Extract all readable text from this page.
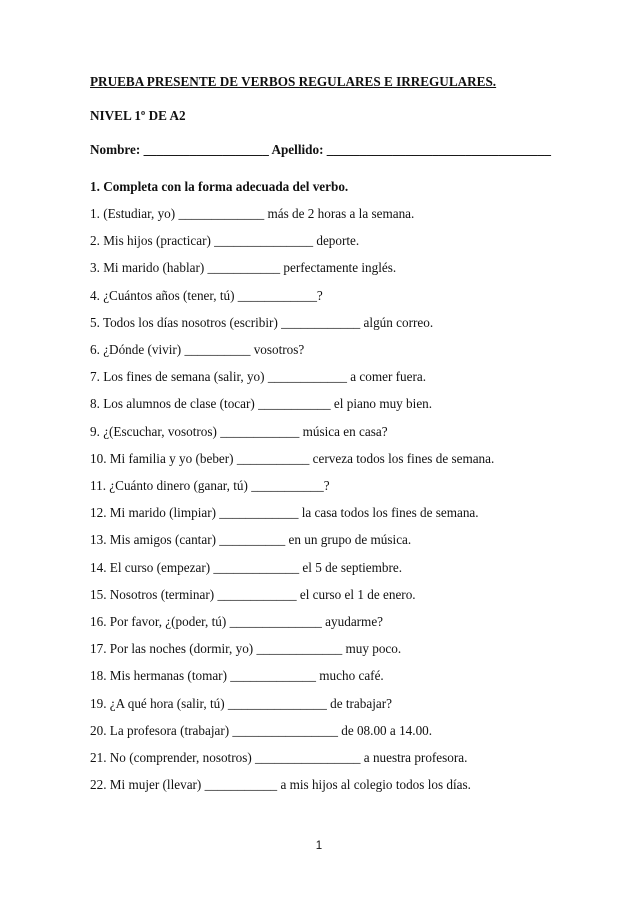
PRUEBA PRESENTE DE VERBOS REGULARES E IRREGULARES.
NIVEL 1º DE A2
Nombre: ___________________ Apellido: __________________________________
1. Completa con la forma adecuada del verbo.
1. (Estudiar, yo) _____________ más de 2 horas a la semana.
2. Mis hijos (practicar) _______________ deporte.
3. Mi marido (hablar) ___________ perfectamente inglés.
4. ¿Cuántos años (tener, tú) ____________?
5. Todos los días nosotros (escribir) ____________ algún correo.
6. ¿Dónde (vivir) __________ vosotros?
7. Los fines de semana (salir, yo) ____________ a comer fuera.
8. Los alumnos de clase (tocar) ___________ el piano muy bien.
9. ¿(Escuchar, vosotros) ____________ música en casa?
10. Mi familia y yo (beber) ___________ cerveza todos los fines de semana.
11. ¿Cuánto dinero (ganar, tú) ___________?
12. Mi marido (limpiar) ____________ la casa todos los fines de semana.
13. Mis amigos (cantar) __________ en un grupo de música.
14. El curso (empezar) _____________ el 5 de septiembre.
15. Nosotros (terminar) ____________ el curso el 1 de enero.
16. Por favor, ¿(poder, tú) ______________ ayudarme?
17. Por las noches (dormir, yo) _____________ muy poco.
18. Mis hermanas (tomar) _____________ mucho café.
19. ¿A qué hora (salir, tú) _______________ de trabajar?
20. La profesora (trabajar) ________________ de 08.00 a 14.00.
21. No (comprender, nosotros) ________________ a nuestra profesora.
22. Mi mujer (llevar) ___________ a mis hijos al colegio todos los días.
1
